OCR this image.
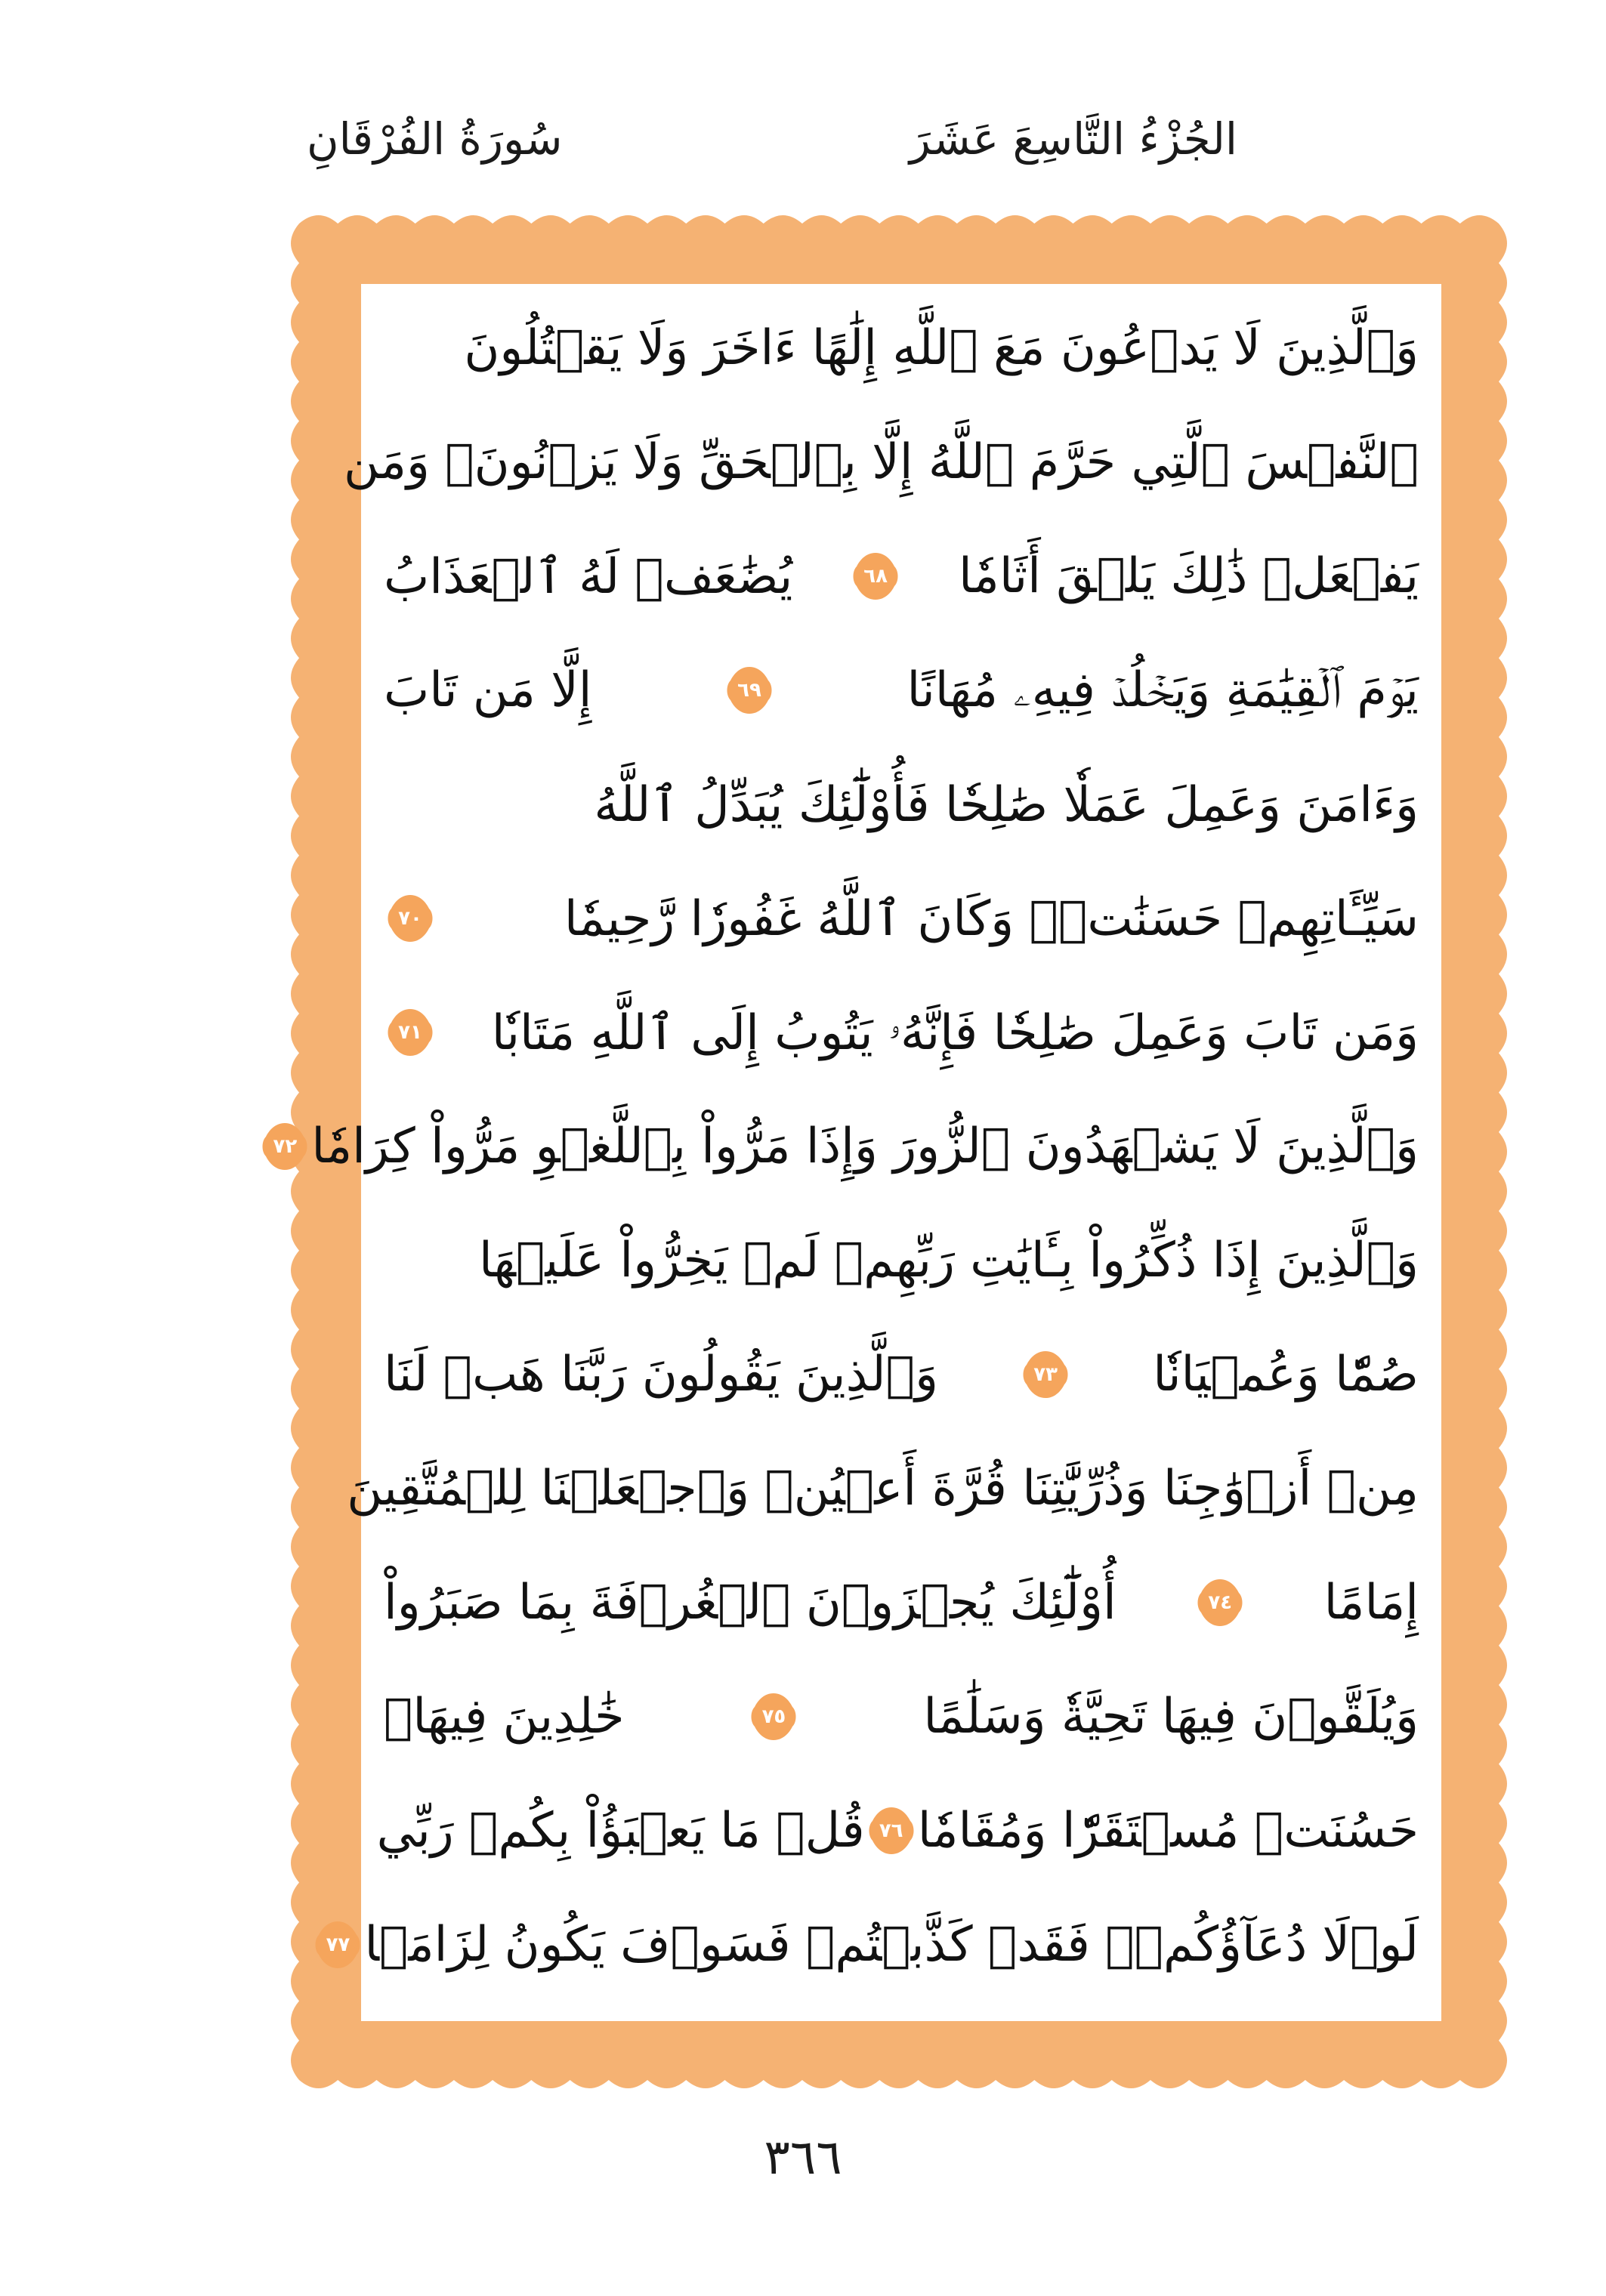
الجُزْءُ التَّاسِعَ عَشَرَ
سُورَةُ الفُرْقَانِ
وَٱلَّذِينَ لَا يَدۡعُونَ مَعَ ٱللَّهِ إِلَٰهًا ءَاخَرَ وَلَا يَقۡتُلُونَ
ٱلنَّفۡسَ ٱلَّتِي حَرَّمَ ٱللَّهُ إِلَّا بِٱلۡحَقِّ وَلَا يَزۡنُونَۚ وَمَن
يَفۡعَلۡ ذَٰلِكَ يَلۡقَ أَثَامٗا
٦٨
يُضَٰعَفۡ لَهُ ٱلۡعَذَابُ
يَوۡمَ ٱلۡقِيَٰمَةِ وَيَخۡلُدۡ فِيهِۦ مُهَانًا
٦٩
إِلَّا مَن تَابَ
وَءَامَنَ وَعَمِلَ عَمَلٗا صَٰلِحٗا فَأُوْلَٰٓئِكَ يُبَدِّلُ ٱللَّهُ
سَيِّـَٔاتِهِمۡ حَسَنَٰتٖۗ وَكَانَ ٱللَّهُ غَفُورٗا رَّحِيمٗا
٧٠
وَمَن تَابَ وَعَمِلَ صَٰلِحٗا فَإِنَّهُۥ يَتُوبُ إِلَى ٱللَّهِ مَتَابٗا
٧١
وَٱلَّذِينَ لَا يَشۡهَدُونَ ٱلزُّورَ وَإِذَا مَرُّواْ بِٱللَّغۡوِ مَرُّواْ كِرَامٗا
٧٢
وَٱلَّذِينَ إِذَا ذُكِّرُواْ بِـَٔايَٰتِ رَبِّهِمۡ لَمۡ يَخِرُّواْ عَلَيۡهَا
صُمّٗا وَعُمۡيَانٗا
٧٣
وَٱلَّذِينَ يَقُولُونَ رَبَّنَا هَبۡ لَنَا
مِنۡ أَزۡوَٰجِنَا وَذُرِّيَّٰتِنَا قُرَّةَ أَعۡيُنٖ وَٱجۡعَلۡنَا لِلۡمُتَّقِينَ
إِمَامًا
٧٤
أُوْلَٰٓئِكَ يُجۡزَوۡنَ ٱلۡغُرۡفَةَ بِمَا صَبَرُواْ
وَيُلَقَّوۡنَ فِيهَا تَحِيَّةٗ وَسَلَٰمًا
٧٥
خَٰلِدِينَ فِيهَاۚ
حَسُنَتۡ مُسۡتَقَرّٗا وَمُقَامٗا
٧٦
قُلۡ مَا يَعۡبَؤُاْ بِكُمۡ رَبِّي
لَوۡلَا دُعَآؤُكُمۡۖ فَقَدۡ كَذَّبۡتُمۡ فَسَوۡفَ يَكُونُ لِزَامَۢا
٧٧
٣٦٦
